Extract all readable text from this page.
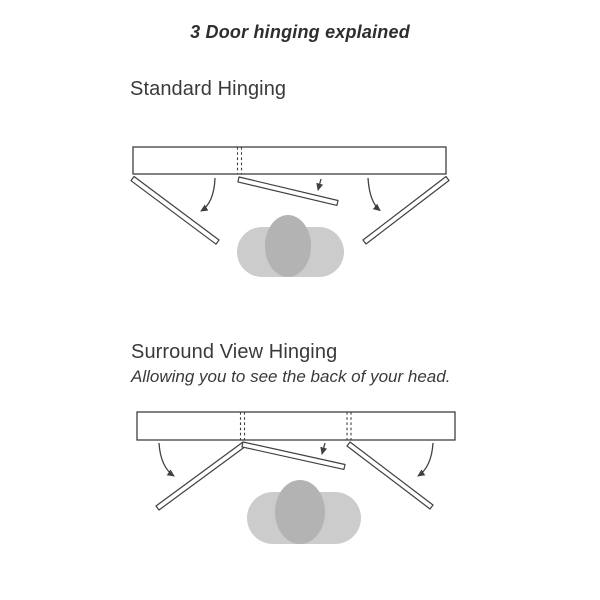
3 Door hinging explained
Standard Hinging
Surround View Hinging
Allowing you to see the back of your head.
